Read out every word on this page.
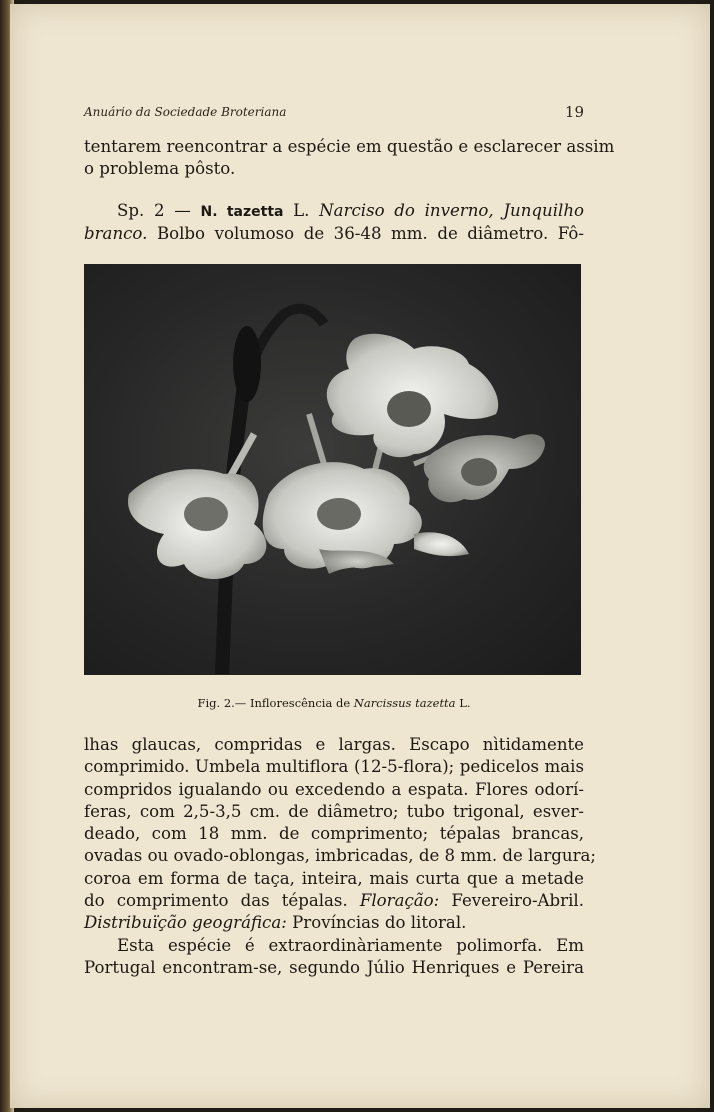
Anuário da Sociedade Broteriana	19
tentarem reencontrar a espécie em questão e esclarecer assim
o problema pôsto.
Sp. 2 — N. tazetta L. Narciso do inverno, Junquilho
branco. Bolbo volumoso de 36-48 mm. de diâmetro. Fô-
Fig. 2.— Inflorescência de Narcissus tazetta L.
lhas glaucas, compridas e largas. Escapo nìtidamente
comprimido. Umbela multiflora (12-5-flora); pedicelos mais
compridos igualando ou excedendo a espata. Flores odorí-
feras, com 2,5-3,5 cm. de diâmetro; tubo trigonal, esver-
deado, com 18 mm. de comprimento; tépalas brancas,
ovadas ou ovado-oblongas, imbricadas, de 8 mm. de largura;
coroa em forma de taça, inteira, mais curta que a metade
do comprimento das tépalas. Floração: Fevereiro-Abril.
Distribuïção geográfica: Províncias do litoral.
Esta espécie é extraordinàriamente polimorfa. Em
Portugal encontram-se, segundo Júlio Henriques e Pereira
